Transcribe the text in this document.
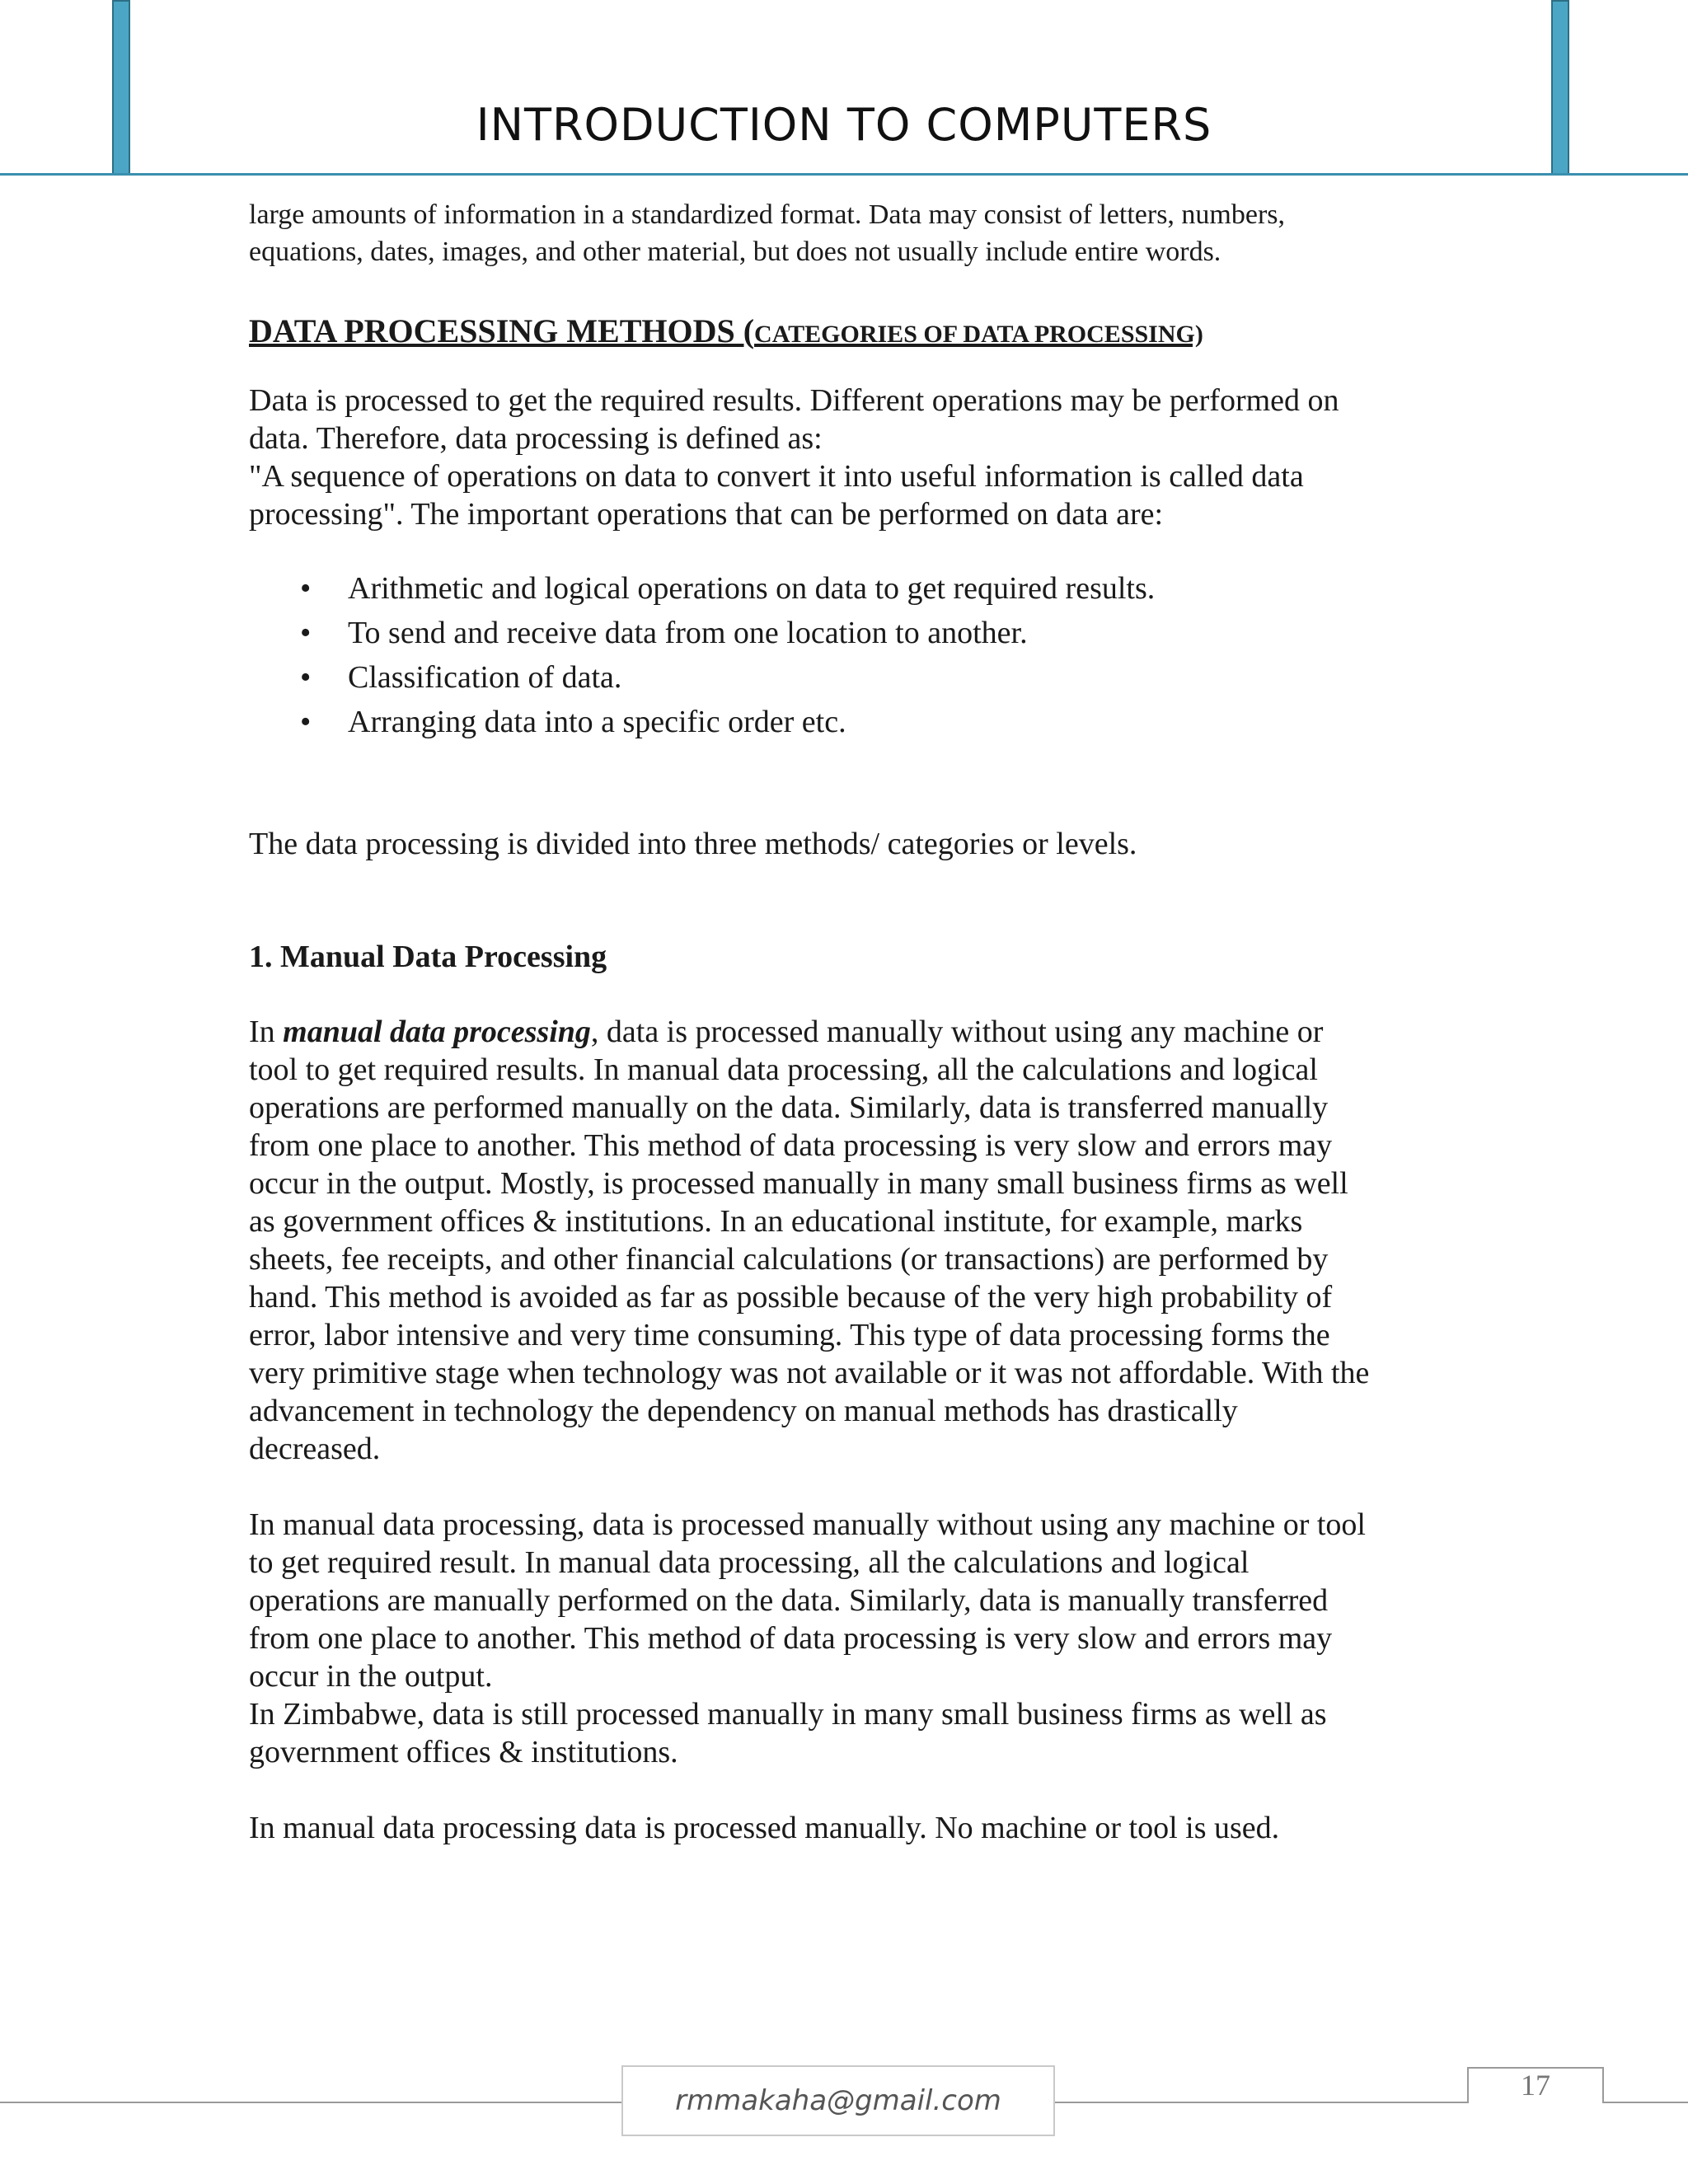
INTRODUCTION TO COMPUTERS

large amounts of information in a standardized format. Data may consist of letters, numbers,

equations, dates, images, and other material, but does not usually include entire words.

DATA PROCESSING METHODS (CATEGORIES OF DATA PROCESSING)

Data is processed to get the required results. Different operations may be performed on

data. Therefore, data processing is defined as:

"A sequence of operations on data to convert it into useful information is called data

processing". The important operations that can be performed on data are:

• Arithmetic and logical operations on data to get required results.
• To send and receive data from one location to another.
• Classification of data.
• Arranging data into a specific order etc.

The data processing is divided into three methods/ categories or levels.

1. Manual Data Processing

In manual data processing, data is processed manually without using any machine or

tool to get required results. In manual data processing, all the calculations and logical

operations are performed manually on the data. Similarly, data is transferred manually

from one place to another. This method of data processing is very slow and errors may

occur in the output. Mostly, is processed manually in many small business firms as well

as government offices & institutions. In an educational institute, for example, marks

sheets, fee receipts, and other financial calculations (or transactions) are performed by

hand. This method is avoided as far as possible because of the very high probability of

error, labor intensive and very time consuming. This type of data processing forms the

very primitive stage when technology was not available or it was not affordable. With the

advancement in technology the dependency on manual methods has drastically

decreased.

In manual data processing, data is processed manually without using any machine or tool

to get required result. In manual data processing, all the calculations and logical

operations are manually performed on the data. Similarly, data is manually transferred

from one place to another. This method of data processing is very slow and errors may

occur in the output.

In Zimbabwe, data is still processed manually in many small business firms as well as

government offices & institutions.

In manual data processing data is processed manually. No machine or tool is used.

rmmakaha@gmail.com	17
